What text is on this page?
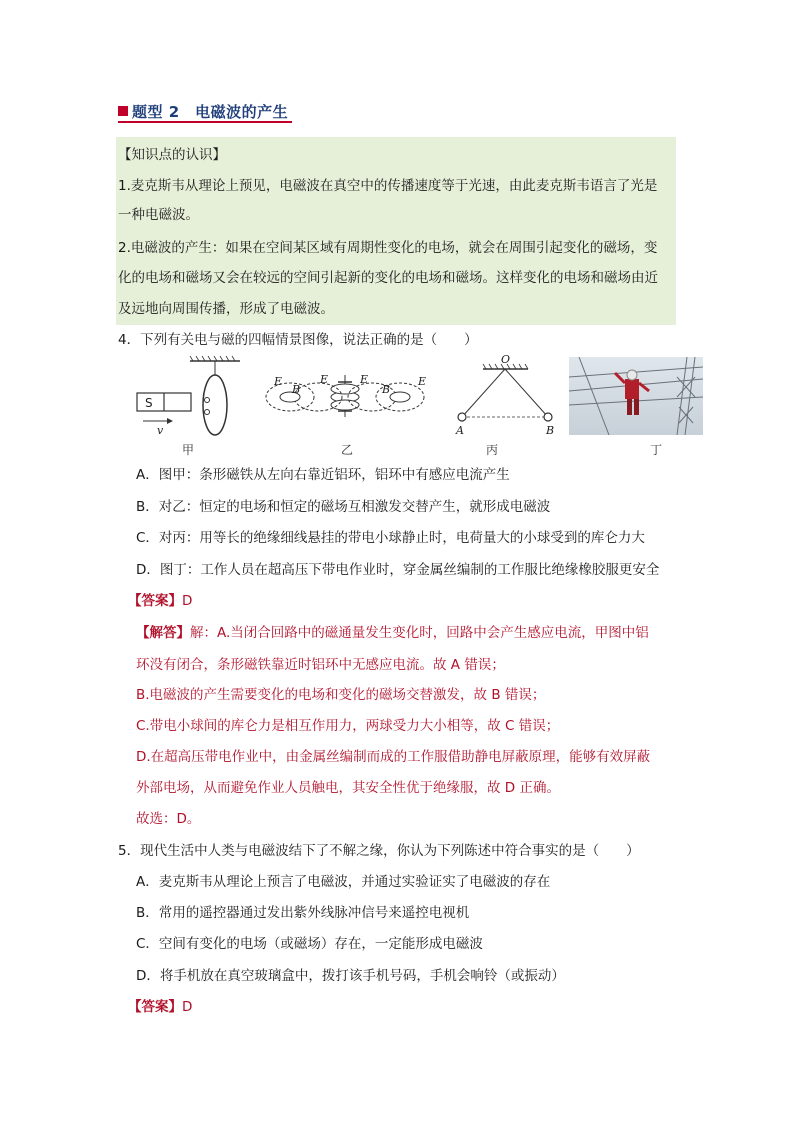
题型 2　电磁波的产生
【知识点的认识】
1.麦克斯韦从理论上预见，电磁波在真空中的传播速度等于光速，由此麦克斯韦语言了光是
一种电磁波。
2.电磁波的产生：如果在空间某区域有周期性变化的电场，就会在周围引起变化的磁场，变
化的电场和磁场又会在较远的空间引起新的变化的电场和磁场。这样变化的电场和磁场由近
及远地向周围传播，形成了电磁波。
4．下列有关电与磁的四幅情景图像，说法正确的是（　　）
S
v
甲
E
B
E	E
B
E
乙
O
A	B
丙	丁
A．图甲：条形磁铁从左向右靠近铝环，铝环中有感应电流产生
B．对乙：恒定的电场和恒定的磁场互相激发交替产生，就形成电磁波
C．对丙：用等长的绝缘细线悬挂的带电小球静止时，电荷量大的小球受到的库仑力大
D．图丁：工作人员在超高压下带电作业时，穿金属丝编制的工作服比绝缘橡胶服更安全
【答案】D
【解答】解：A.当闭合回路中的磁通量发生变化时，回路中会产生感应电流，甲图中铝
环没有闭合，条形磁铁靠近时铝环中无感应电流。故 A 错误；
B.电磁波的产生需要变化的电场和变化的磁场交替激发，故 B 错误；
C.带电小球间的库仑力是相互作用力，两球受力大小相等，故 C 错误；
D.在超高压带电作业中，由金属丝编制而成的工作服借助静电屏蔽原理，能够有效屏蔽
外部电场，从而避免作业人员触电，其安全性优于绝缘服，故 D 正确。
故选：D。
5．现代生活中人类与电磁波结下了不解之缘，你认为下列陈述中符合事实的是（　　）
A．麦克斯韦从理论上预言了电磁波，并通过实验证实了电磁波的存在
B．常用的遥控器通过发出紫外线脉冲信号来遥控电视机
C．空间有变化的电场（或磁场）存在，一定能形成电磁波
D．将手机放在真空玻璃盒中，拨打该手机号码，手机会响铃（或振动）
【答案】D
